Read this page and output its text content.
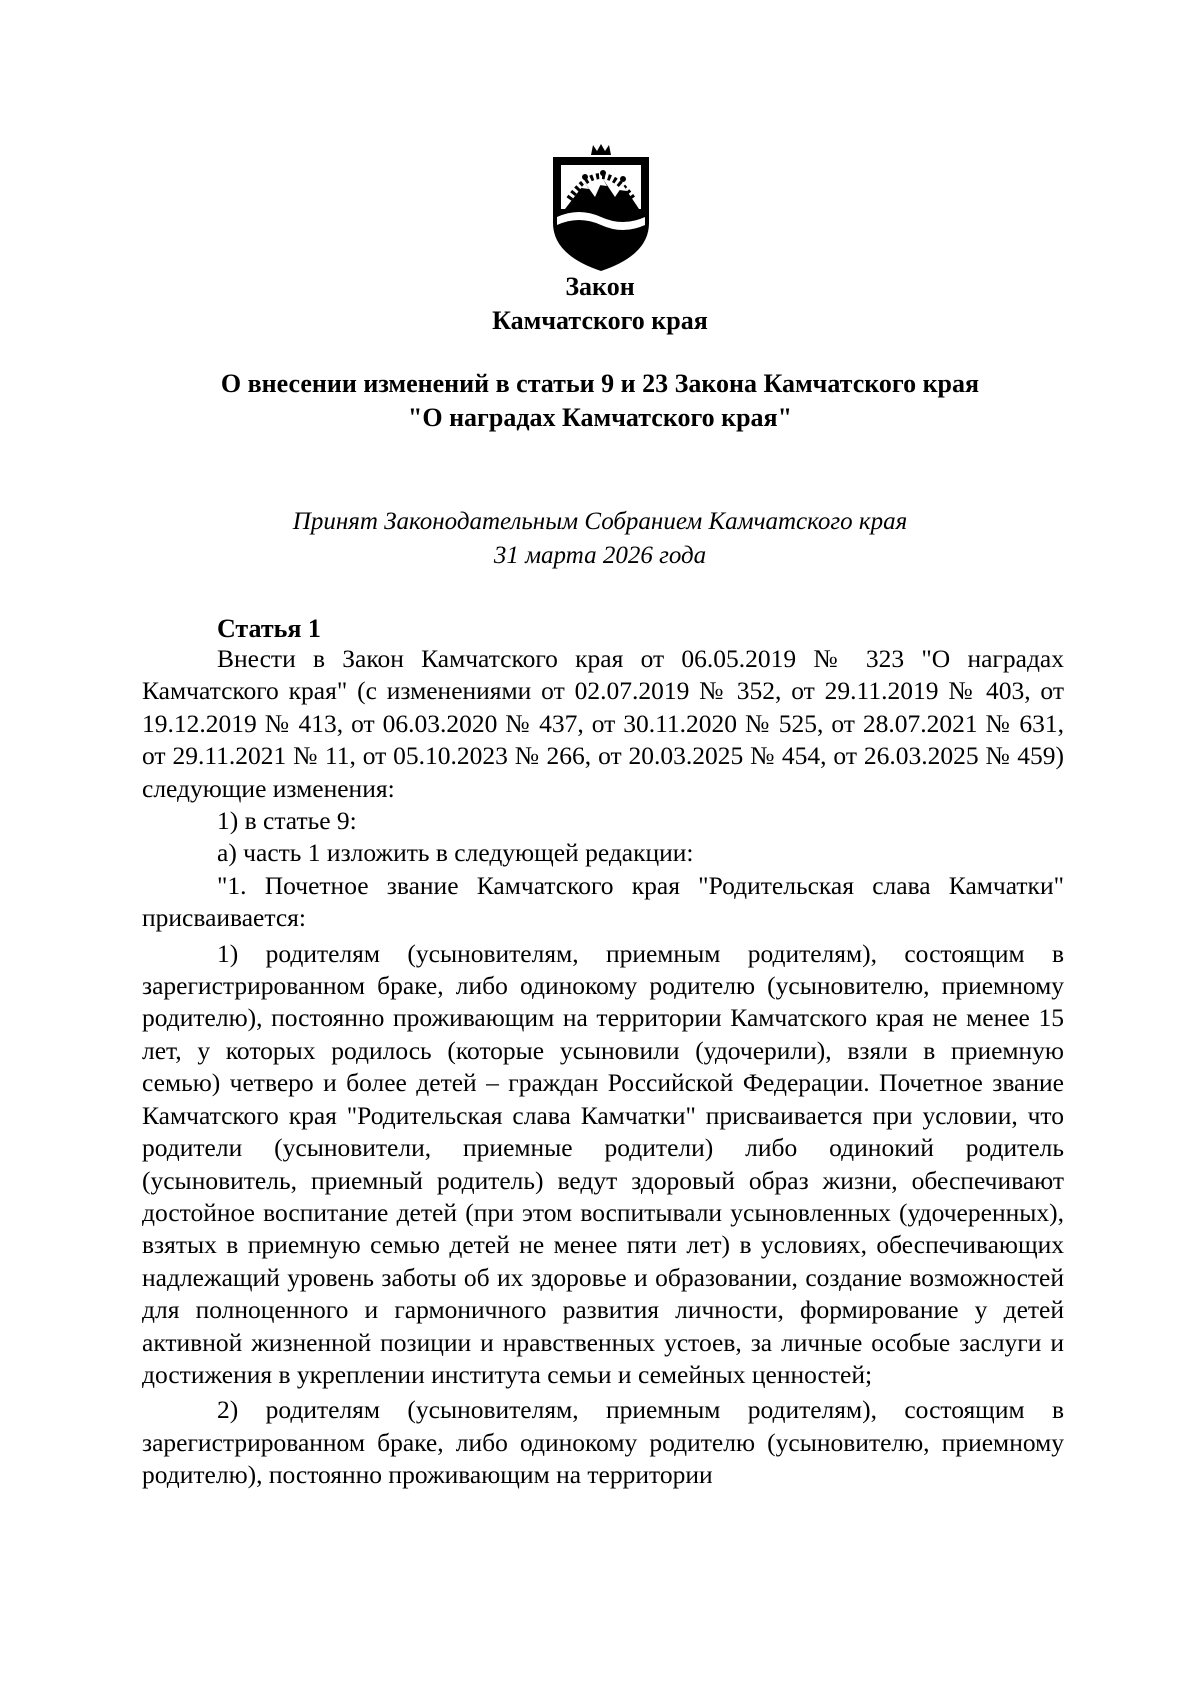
Закон
Камчатского края
О внесении изменений в статьи 9 и 23 Закона Камчатского края
"О наградах Камчатского края"
Принят Законодательным Собранием Камчатского края
31 марта 2026 года
Статья 1

Внести в Закон Камчатского края от 06.05.2019 № 323 "О наградах Камчатского края" (с изменениями от 02.07.2019 № 352, от 29.11.2019 № 403, от 19.12.2019 № 413, от 06.03.2020 № 437, от 30.11.2020 № 525, от 28.07.2021 № 631, от 29.11.2021 № 11, от 05.10.2023 № 266, от 20.03.2025 № 454, от 26.03.2025 № 459) следующие изменения:

1) в статье 9:

а) часть 1 изложить в следующей редакции:

"1. Почетное звание Камчатского края "Родительская слава Камчатки" присваивается:

1) родителям (усыновителям, приемным родителям), состоящим в зарегистрированном браке, либо одинокому родителю (усыновителю, приемному родителю), постоянно проживающим на территории Камчатского края не менее 15 лет, у которых родилось (которые усыновили (удочерили), взяли в приемную семью) четверо и более детей – граждан Российской Федерации. Почетное звание Камчатского края "Родительская слава Камчатки" присваивается при условии, что родители (усыновители, приемные родители) либо одинокий родитель (усыновитель, приемный родитель) ведут здоровый образ жизни, обеспечивают достойное воспитание детей (при этом воспитывали усыновленных (удочеренных), взятых в приемную семью детей не менее пяти лет) в условиях, обеспечивающих надлежащий уровень заботы об их здоровье и образовании, создание возможностей для полноценного и гармоничного развития личности, формирование у детей активной жизненной позиции и нравственных устоев, за личные особые заслуги и достижения в укреплении института семьи и семейных ценностей;

2) родителям (усыновителям, приемным родителям), состоящим в зарегистрированном браке, либо одинокому родителю (усыновителю, приемному родителю), постоянно проживающим на территории
